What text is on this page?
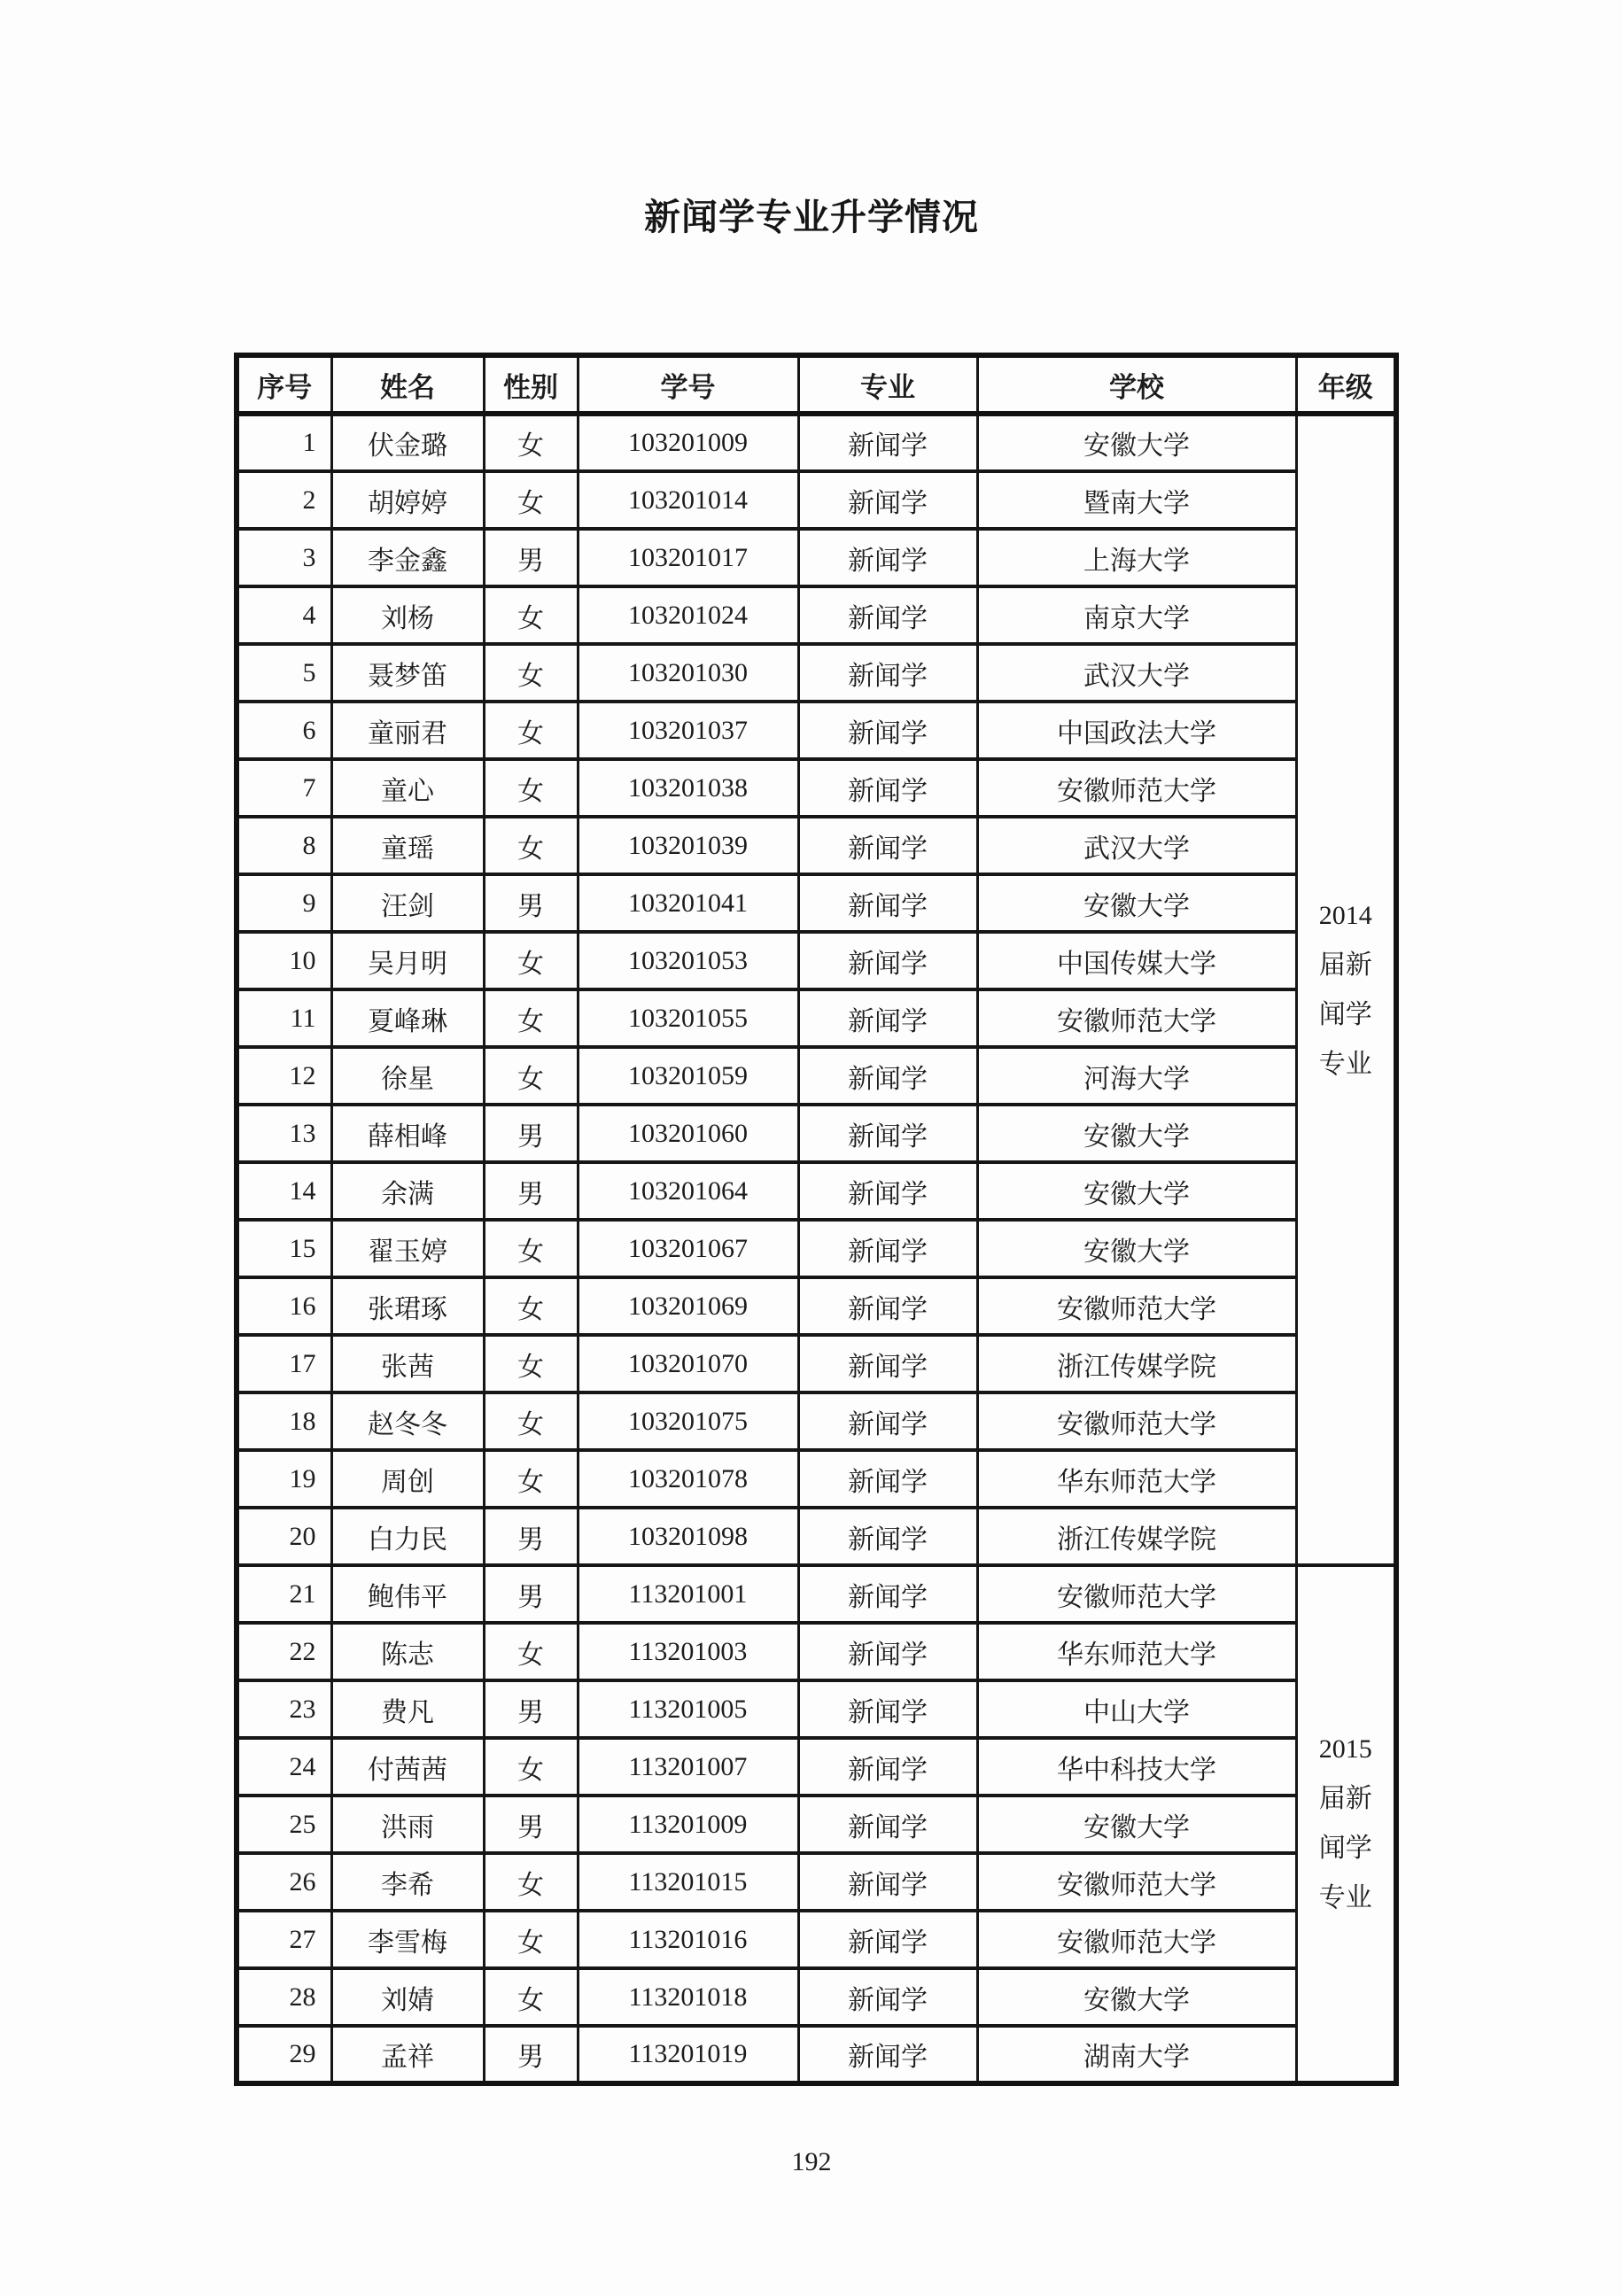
新闻学专业升学情况
序号	姓名	性别	学号	专业	学校	年级
1	伏金璐	女	103201009	新闻学	安徽大学	2014届新闻学专业
2	胡婷婷	女	103201014	新闻学	暨南大学	
3	李金鑫	男	103201017	新闻学	上海大学	
4	刘杨	女	103201024	新闻学	南京大学	
5	聂梦笛	女	103201030	新闻学	武汉大学	
6	童丽君	女	103201037	新闻学	中国政法大学	
7	童心	女	103201038	新闻学	安徽师范大学	
8	童瑶	女	103201039	新闻学	武汉大学	
9	汪剑	男	103201041	新闻学	安徽大学	
10	吴月明	女	103201053	新闻学	中国传媒大学	
11	夏峰琳	女	103201055	新闻学	安徽师范大学	
12	徐星	女	103201059	新闻学	河海大学	
13	薛相峰	男	103201060	新闻学	安徽大学	
14	余满	男	103201064	新闻学	安徽大学	
15	翟玉婷	女	103201067	新闻学	安徽大学	
16	张珺琢	女	103201069	新闻学	安徽师范大学	
17	张茜	女	103201070	新闻学	浙江传媒学院	
18	赵冬冬	女	103201075	新闻学	安徽师范大学	
19	周创	女	103201078	新闻学	华东师范大学	
20	白力民	男	103201098	新闻学	浙江传媒学院	
21	鲍伟平	男	113201001	新闻学	安徽师范大学	2015届新闻学专业
22	陈志	女	113201003	新闻学	华东师范大学	
23	费凡	男	113201005	新闻学	中山大学	
24	付茜茜	女	113201007	新闻学	华中科技大学	
25	洪雨	男	113201009	新闻学	安徽大学	
26	李希	女	113201015	新闻学	安徽师范大学	
27	李雪梅	女	113201016	新闻学	安徽师范大学	
28	刘婧	女	113201018	新闻学	安徽大学	
29	孟祥	男	113201019	新闻学	湖南大学	
192
